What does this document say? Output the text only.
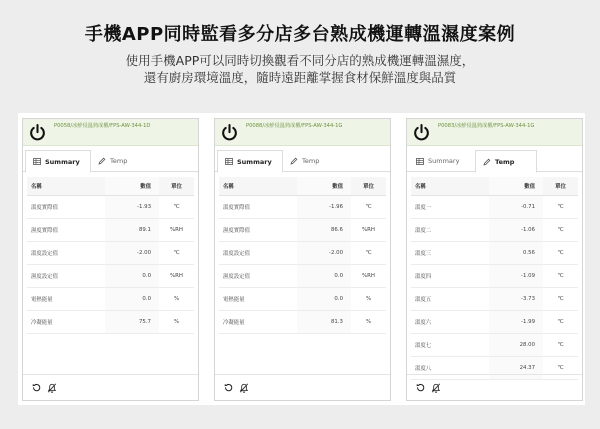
手機APP同時監看多分店多台熟成機運轉溫濕度案例
使用手機APP可以同時切換觀看不同分店的熟成機運轉溫濕度，
還有廚房環境溫度，隨時遠距離掌握食材保鮮溫度與品質
P0058/冰鮮侵溫熟成櫃/FPS-AW-344-1D
Summary	Temp
名稱	數值	單位
溫度實際值	-1.93	℃
濕度實際值	89.1	%RH
溫度設定值	-2.00	℃
濕度設定值	0.0	%RH
電熱能量	0.0	%
冷凝能量	75.7	%
P0088/冰鮮侵溫熟成櫃/FPS-AW-344-1G
Summary	Temp
名稱	數值	單位
溫度實際值	-1.96	℃
濕度實際值	86.6	%RH
溫度設定值	-2.00	℃
濕度設定值	0.0	%RH
電熱能量	0.0	%
冷凝能量	81.3	%
P0083/冰鮮侵溫熟成櫃/FPS-AW-344-1G
Summary	Temp
名稱	數值	單位
溫度一	-0.71	℃
溫度二	-1.06	℃
溫度三	0.56	℃
溫度四	-1.09	℃
溫度五	-3.73	℃
溫度六	-1.99	℃
溫度七	28.00	℃
溫度八	24.37	℃
